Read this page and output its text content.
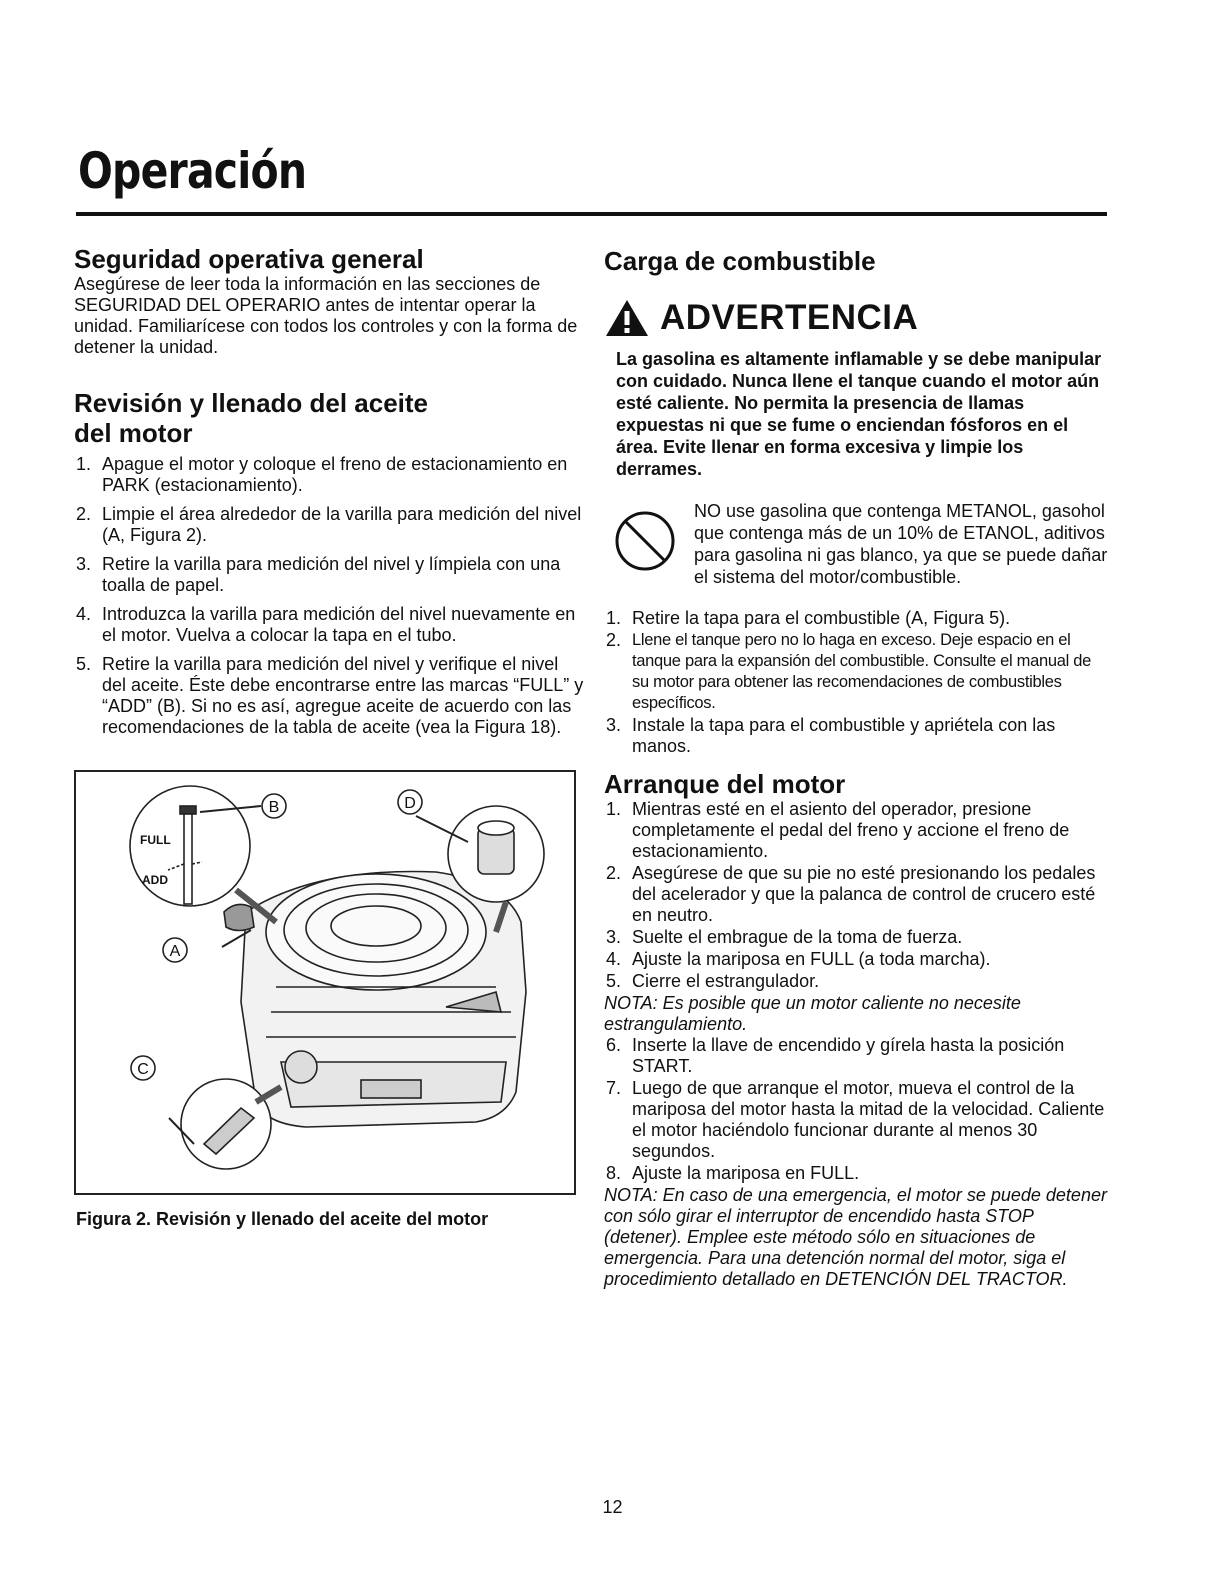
Operación
Seguridad operativa general

Asegúrese de leer toda la información en las secciones de SEGURIDAD DEL OPERARIO antes de intentar operar la unidad. Familiarícese con todos los controles y con la forma de detener la unidad.

Revisión y llenado del aceite
del motor
1. Apague el motor y coloque el freno de estacionamiento en PARK (estacionamiento).
2. Limpie el área alrededor de la varilla para medición del nivel (A, Figura 2).
3. Retire la varilla para medición del nivel y límpiela con una toalla de papel.
4. Introduzca la varilla para medición del nivel nuevamente en el motor. Vuelva a colocar la tapa en el tubo.
5. Retire la varilla para medición del nivel y verifique el nivel del aceite. Éste debe encontrarse entre las marcas “FULL” y “ADD” (B). Si no es así, agregue aceite de acuerdo con las recomendaciones de la tabla de aceite (vea la Figura 18).
B
A
C
D
FULL
ADD

Figura 2. Revisión y llenado del aceite del motor

Carga de combustible
ADVERTENCIA

La gasolina es altamente inflamable y se debe manipular con cuidado. Nunca llene el tanque cuando el motor aún esté caliente. No permita la presencia de llamas expuestas ni que se fume o enciendan fósforos en el área. Evite llenar en forma excesiva y limpie los derrames.

NO use gasolina que contenga METANOL, gasohol que contenga más de un 10% de ETANOL, aditivos para gasolina ni gas blanco, ya que se puede dañar el sistema del motor/combustible.

1. Retire la tapa para el combustible (A, Figura 5).
2. Llene el tanque pero no lo haga en exceso. Deje espacio en el tanque para la expansión del combustible. Consulte el manual de su motor para obtener las recomendaciones de combustibles específicos.
3. Instale la tapa para el combustible y apriétela con las manos.
Arranque del motor
1. Mientras esté en el asiento del operador, presione completamente el pedal del freno y accione el freno de estacionamiento.
2. Asegúrese de que su pie no esté presionando los pedales del acelerador y que la palanca de control de crucero esté en neutro.
3. Suelte el embrague de la toma de fuerza.
4. Ajuste la mariposa en FULL (a toda marcha).
5. Cierre el estrangulador.

NOTA: Es posible que un motor caliente no necesite estrangulamiento.

6. Inserte la llave de encendido y gírela hasta la posición START.
7. Luego de que arranque el motor, mueva el control de la mariposa del motor hasta la mitad de la velocidad. Caliente el motor haciéndolo funcionar durante al menos 30 segundos.
8. Ajuste la mariposa en FULL.

NOTA: En caso de una emergencia, el motor se puede detener con sólo girar el interruptor de encendido hasta STOP (detener). Emplee este método sólo en situaciones de emergencia. Para una detención normal del motor, siga el procedimiento detallado en DETENCIÓN DEL TRACTOR.

12
